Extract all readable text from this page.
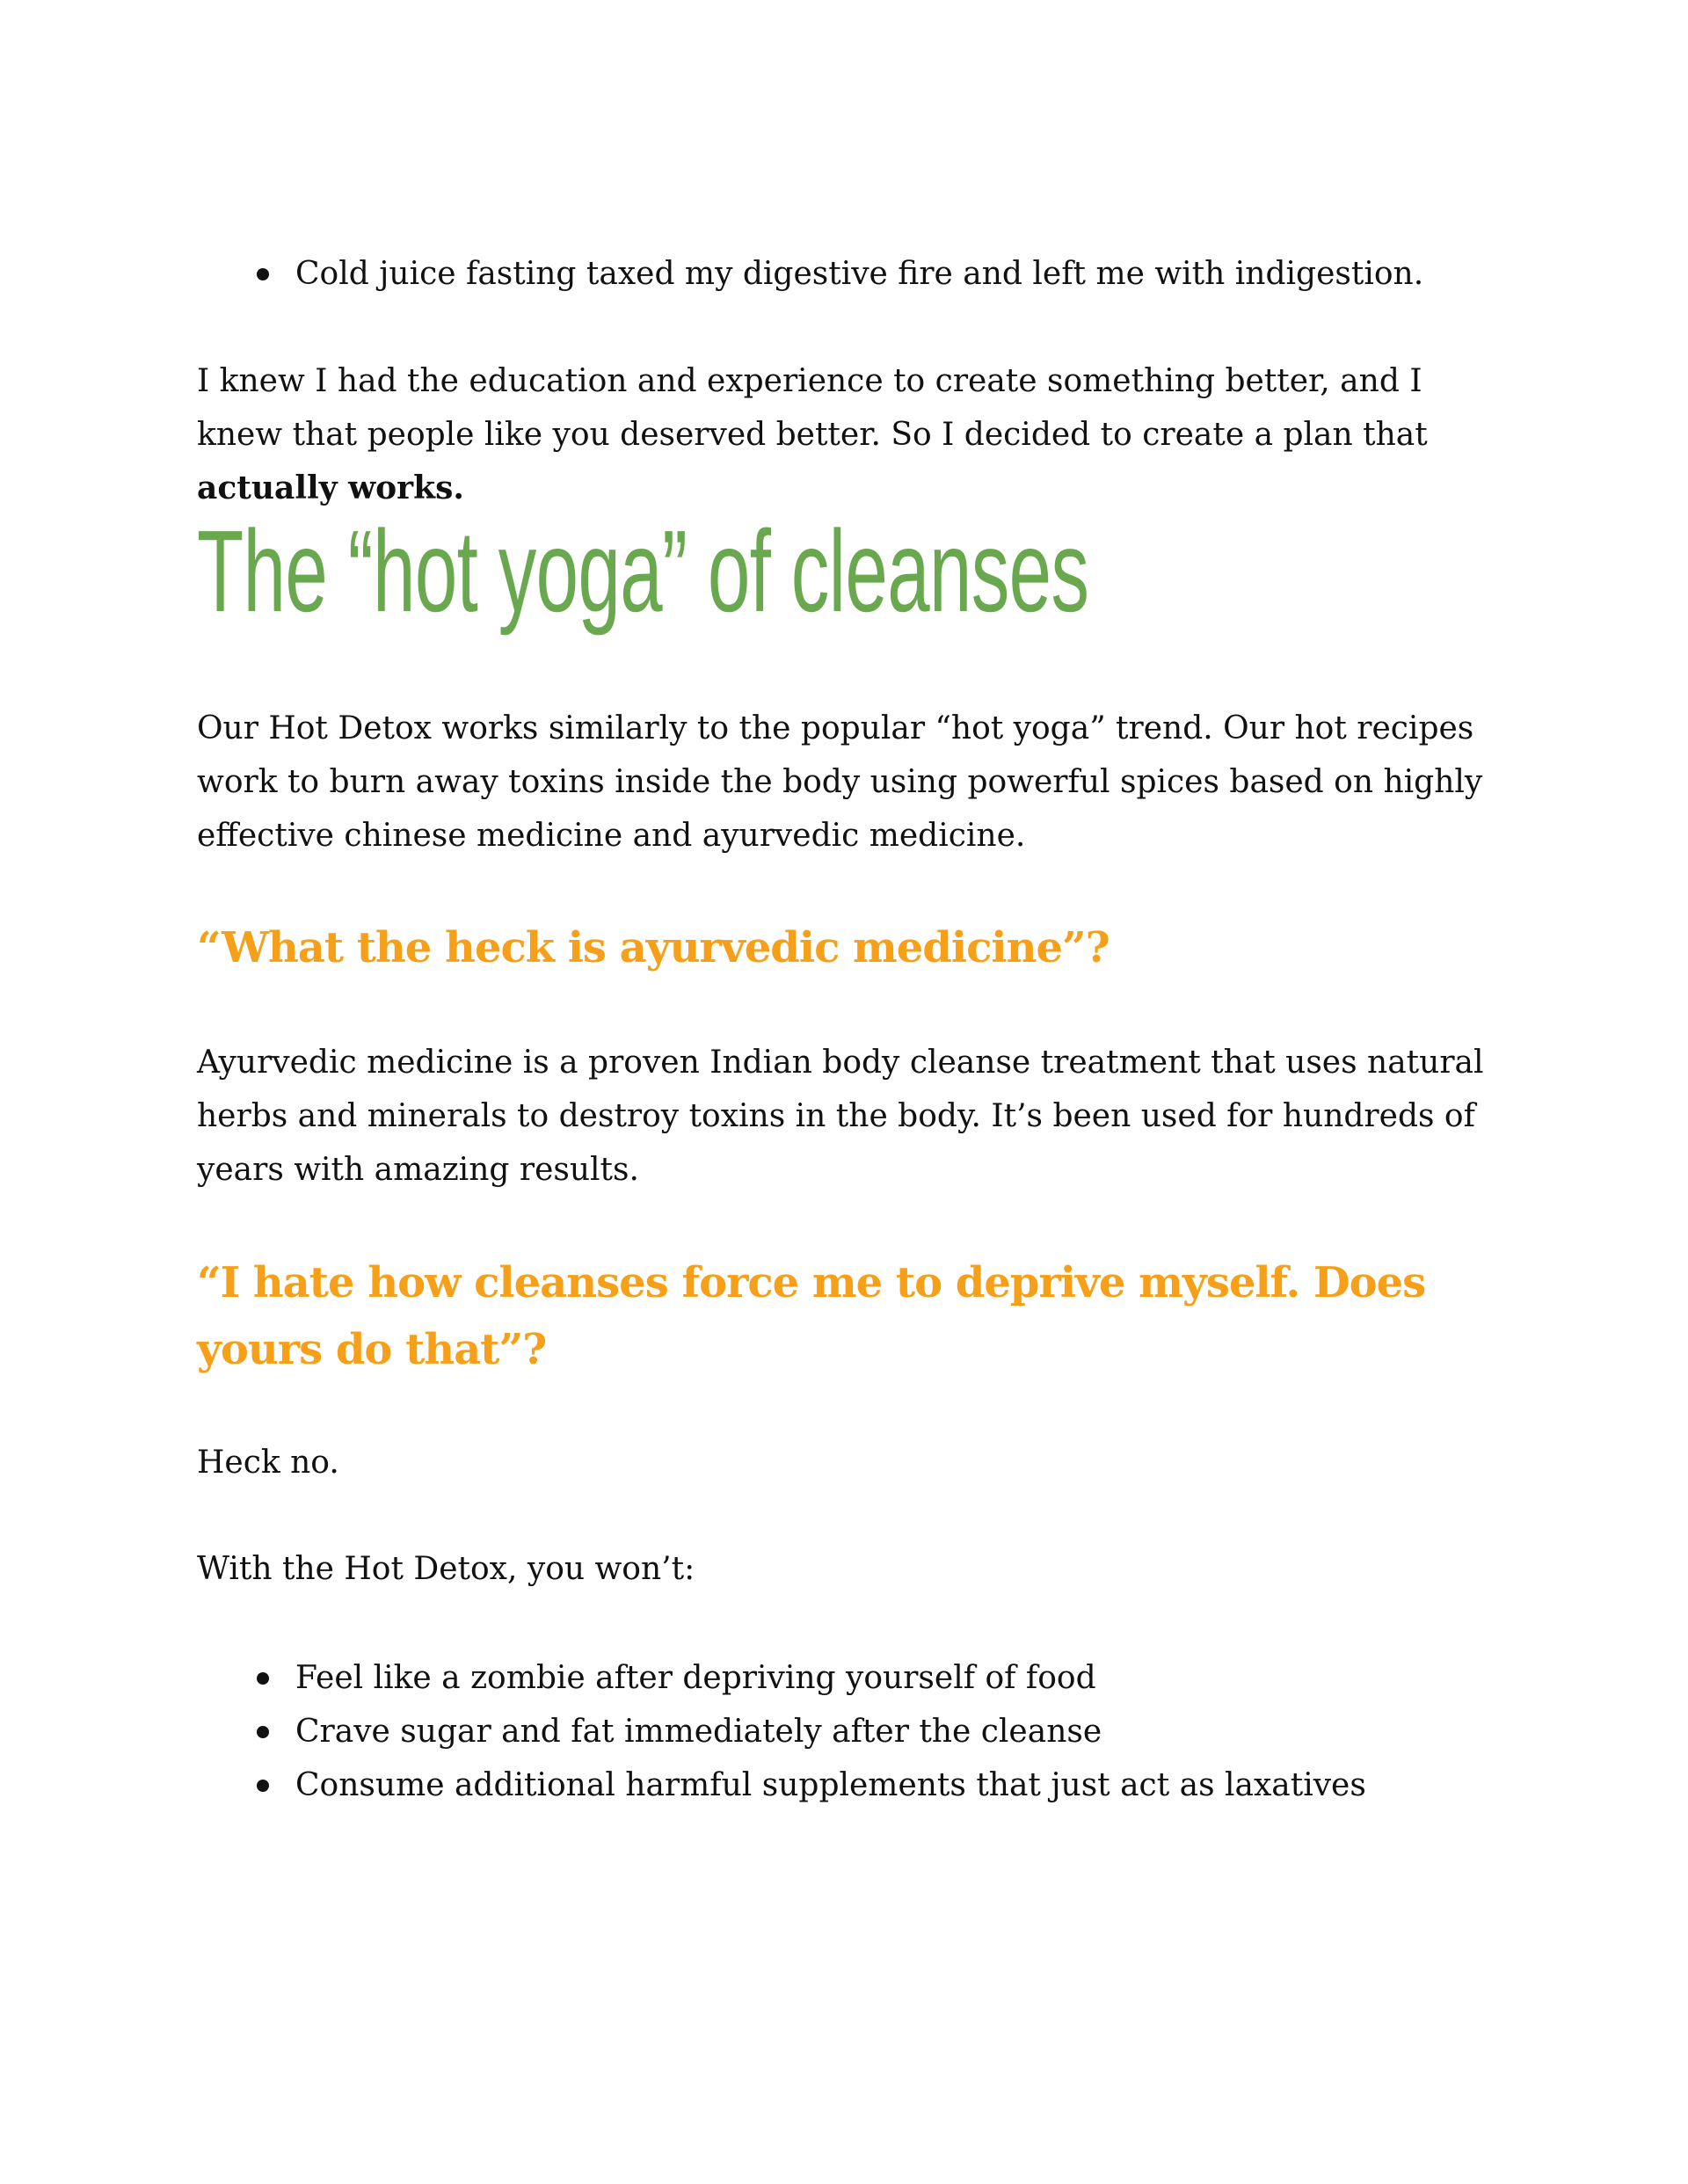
Cold juice fasting taxed my digestive fire and left me with indigestion.
I knew I had the education and experience to create something better, and I knew that people like you deserved better. So I decided to create a plan that actually works.
The “hot yoga” of cleanses
Our Hot Detox works similarly to the popular “hot yoga” trend. Our hot recipes work to burn away toxins inside the body using powerful spices based on highly effective chinese medicine and ayurvedic medicine.
“What the heck is ayurvedic medicine”?
Ayurvedic medicine is a proven Indian body cleanse treatment that uses natural herbs and minerals to destroy toxins in the body. It’s been used for hundreds of years with amazing results.
“I hate how cleanses force me to deprive myself. Does yours do that”?
Heck no.
With the Hot Detox, you won’t:
Feel like a zombie after depriving yourself of food
Crave sugar and fat immediately after the cleanse
Consume additional harmful supplements that just act as laxatives
